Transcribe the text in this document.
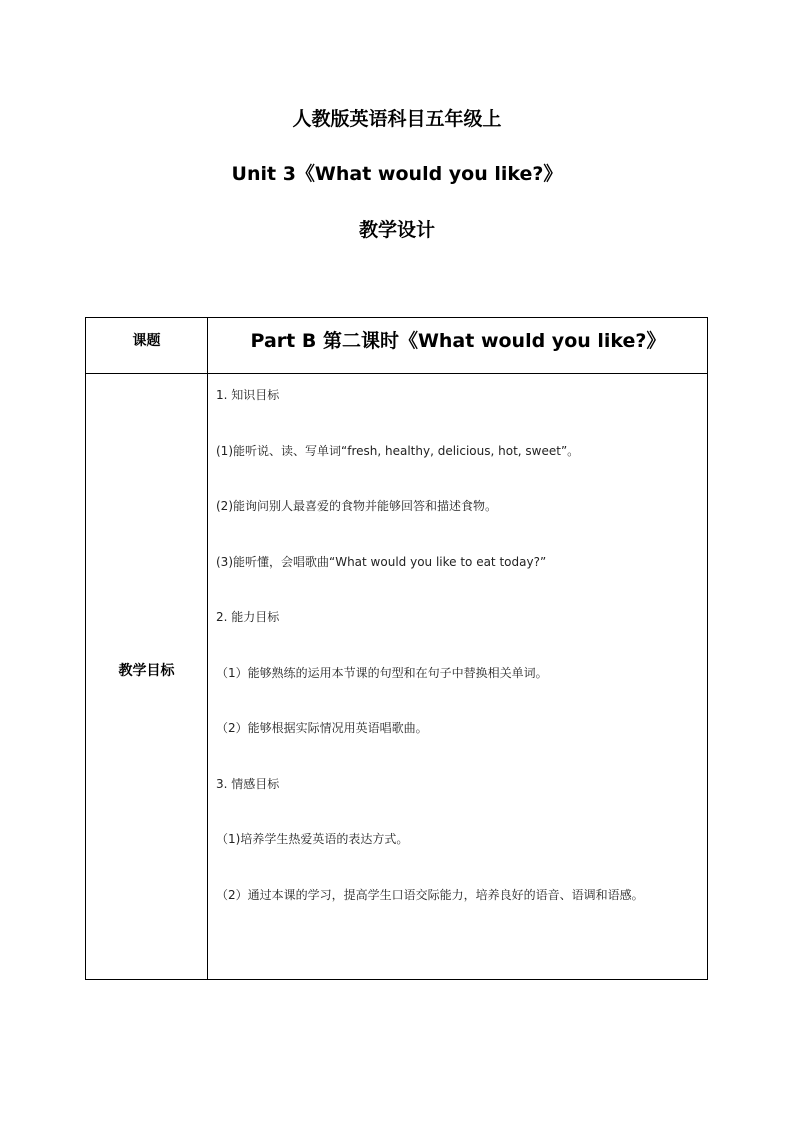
人教版英语科目五年级上
Unit 3《What would you like?》
教学设计
课题	Part B 第二课时《What would you like?》
教学目标
1. 知识目标
(1)能听说、读、写单词“fresh, healthy, delicious, hot, sweet”。
(2)能询问别人最喜爱的食物并能够回答和描述食物。
(3)能听懂，会唱歌曲“What would you like to eat today?”
2. 能力目标
（1）能够熟练的运用本节课的句型和在句子中替换相关单词。
（2）能够根据实际情况用英语唱歌曲。
3. 情感目标
（1)培养学生热爱英语的表达方式。
（2）通过本课的学习，提高学生口语交际能力，培养良好的语音、语调和语感。
